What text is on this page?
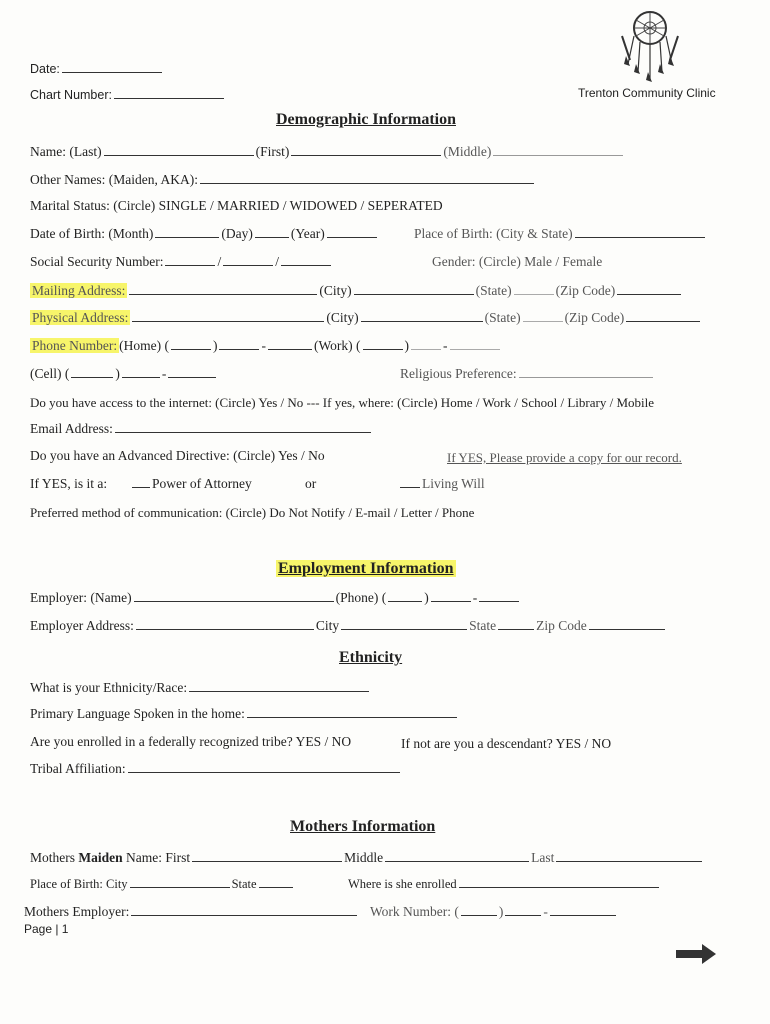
Date:
Chart Number:	Trenton Community Clinic
Demographic Information
Name: (Last)	(First)	(Middle)
Other Names: (Maiden, AKA):
Marital Status: (Circle) SINGLE / MARRIED / WIDOWED / SEPERATED
Date of Birth: (Month)	(Day)	(Year)	Place of Birth: (City & State)
Social Security Number:	/	/	Gender: (Circle) Male / Female
Mailing Address:	(City)	(State)	(Zip Code)
Physical Address:	(City)	(State)	(Zip Code)
Phone Number: (Home) (	)	-	(Work) (	)	-
(Cell) (	)	-	Religious Preference:
Do you have access to the internet: (Circle) Yes / No --- If yes, where: (Circle) Home / Work / School / Library / Mobile
Email Address:
Do you have an Advanced Directive: (Circle) Yes / No	If YES, Please provide a copy for our record.
If YES, is it a:	Power of Attorney	or	Living Will
Preferred method of communication: (Circle) Do Not Notify / E-mail / Letter / Phone
Employment Information
Employer: (Name)	(Phone) (	)	-
Employer Address:	City	State	Zip Code
Ethnicity
What is your Ethnicity/Race:
Primary Language Spoken in the home:
Are you enrolled in a federally recognized tribe? YES / NO	If not are you a descendant? YES / NO
Tribal Affiliation:
Mothers Information
Mothers Maiden Name: First	Middle	Last
Place of Birth: City	State	Where is she enrolled
Mothers Employer:	Work Number: (	)	-
Page | 1
